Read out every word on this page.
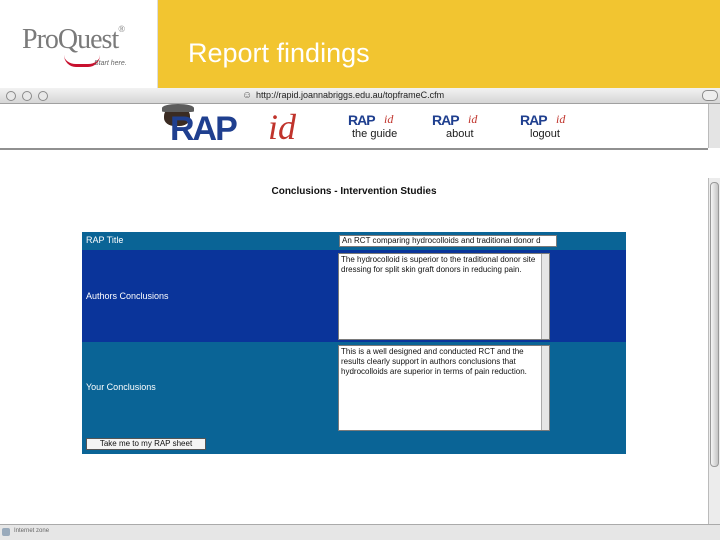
ProQuest®
Start here. Report findings
☺ http://rapid.joannabriggs.edu.au/topframeC.cfm
RAP id	RAP id
the guide
RAP id
about
RAP id
logout
Conclusions - Intervention Studies
RAP Title	An RCT comparing hydrocolloids and traditional donor d
Authors Conclusions
The hydrocolloid is superior to the traditional donor site dressing for split skin graft donors in reducing pain.
Your Conclusions
This is a well designed and conducted RCT and the results clearly support in authors conclusions that hydrocolloids are superior in terms of pain reduction.
Take me to my RAP sheet
Internet zone
